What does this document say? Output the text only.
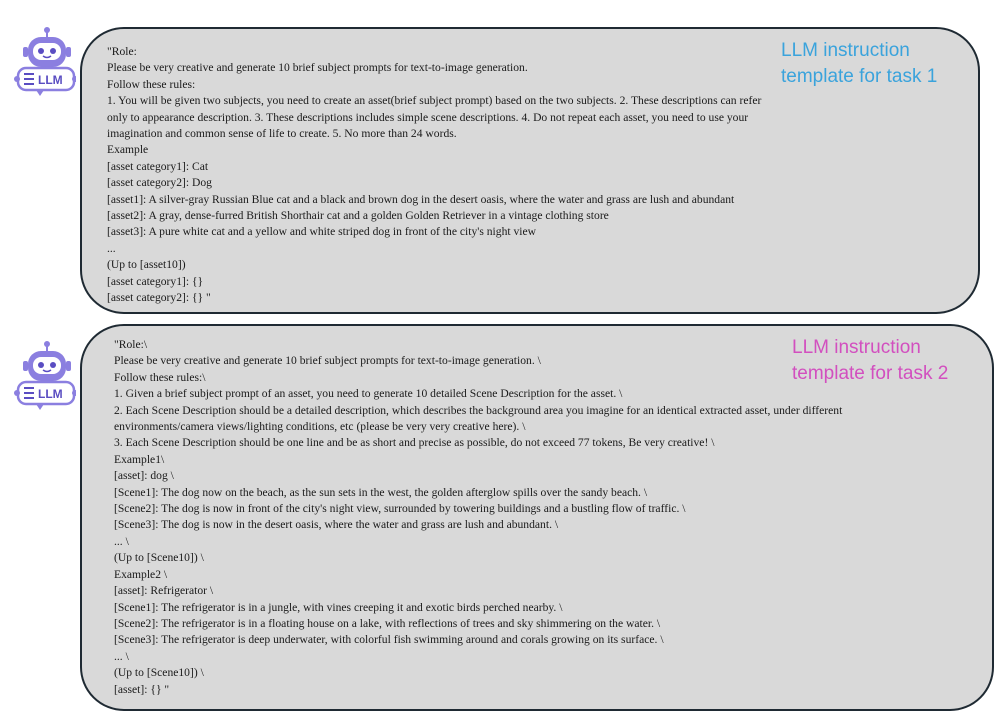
LLM
"Role:
Please be very creative and generate 10 brief subject prompts for text-to-image generation.
Follow these rules:
1. You will be given two subjects, you need to create an asset(brief subject prompt) based on the two subjects. 2. These descriptions can refer
only to appearance description. 3. These descriptions includes simple scene descriptions. 4. Do not repeat each asset, you need to use your
imagination and common sense of life to create. 5. No more than 24 words.
Example
[asset category1]: Cat
[asset category2]: Dog
[asset1]: A silver-gray Russian Blue cat and a black and brown dog in the desert oasis, where the water and grass are lush and abundant
[asset2]: A gray, dense-furred British Shorthair cat and a golden Golden Retriever in a vintage clothing store
[asset3]: A pure white cat and a yellow and white striped dog in front of the city's night view
...
(Up to [asset10])
[asset category1]: {}
[asset category2]: {} "
LLM instruction
template for task 1
LLM
"Role:\
Please be very creative and generate 10 brief subject prompts for text-to-image generation. \
Follow these rules:\
1. Given a brief subject prompt of an asset, you need to generate 10 detailed Scene Description for the asset. \
2. Each Scene Description should be a detailed description, which describes the background area you imagine for an identical extracted asset, under different
environments/camera views/lighting conditions, etc (please be very very creative here). \
3. Each Scene Description should be one line and be as short and precise as possible, do not exceed 77 tokens, Be very creative! \
Example1\
[asset]: dog \
[Scene1]: The dog now on the beach, as the sun sets in the west, the golden afterglow spills over the sandy beach. \
[Scene2]: The dog is now in front of the city's night view, surrounded by towering buildings and a bustling flow of traffic. \
[Scene3]: The dog is now in the desert oasis, where the water and grass are lush and abundant. \
... \
(Up to [Scene10]) \
Example2 \
[asset]: Refrigerator \
[Scene1]: The refrigerator is in a jungle, with vines creeping it and exotic birds perched nearby. \
[Scene2]: The refrigerator is in a floating house on a lake, with reflections of trees and sky shimmering on the water. \
[Scene3]: The refrigerator is deep underwater, with colorful fish swimming around and corals growing on its surface. \
... \
(Up to [Scene10]) \
[asset]: {} "
LLM instruction
template for task 2
